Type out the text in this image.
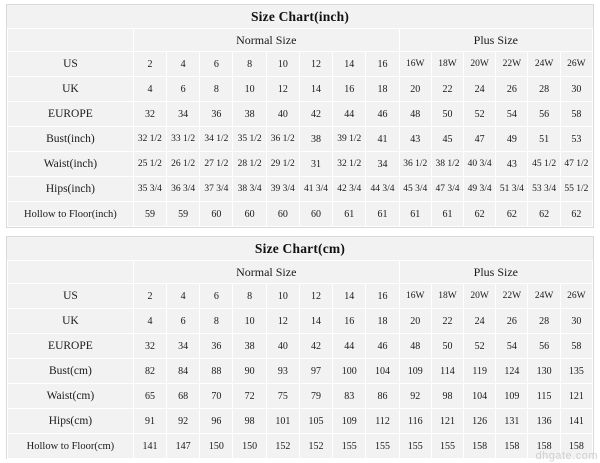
Size Chart(inch)
	Normal Size								Plus Size					
US	2	4	6	8	10	12	14	16	16W	18W	20W	22W	24W	26W
UK	4	6	8	10	12	14	16	18	20	22	24	26	28	30
EUROPE	32	34	36	38	40	42	44	46	48	50	52	54	56	58
Bust(inch)	32 1/2	33 1/2	34 1/2	35 1/2	36 1/2	38	39 1/2	41	43	45	47	49	51	53
Waist(inch)	25 1/2	26 1/2	27 1/2	28 1/2	29 1/2	31	32 1/2	34	36 1/2	38 1/2	40 3/4	43	45 1/2	47 1/2
Hips(inch)	35 3/4	36 3/4	37 3/4	38 3/4	39 3/4	41 3/4	42 3/4	44 3/4	45 3/4	47 3/4	49 3/4	51 3/4	53 3/4	55 1/2
Hollow to Floor(inch)	59	59	60	60	60	60	61	61	61	61	62	62	62	62
Size Chart(cm)
	Normal Size								Plus Size					
US	2	4	6	8	10	12	14	16	16W	18W	20W	22W	24W	26W
UK	4	6	8	10	12	14	16	18	20	22	24	26	28	30
EUROPE	32	34	36	38	40	42	44	46	48	50	52	54	56	58
Bust(cm)	82	84	88	90	93	97	100	104	109	114	119	124	130	135
Waist(cm)	65	68	70	72	75	79	83	86	92	98	104	109	115	121
Hips(cm)	91	92	96	98	101	105	109	112	116	121	126	131	136	141
Hollow to Floor(cm)	141	147	150	150	152	152	155	155	155	155	158	158	158	158
dhgate.com
